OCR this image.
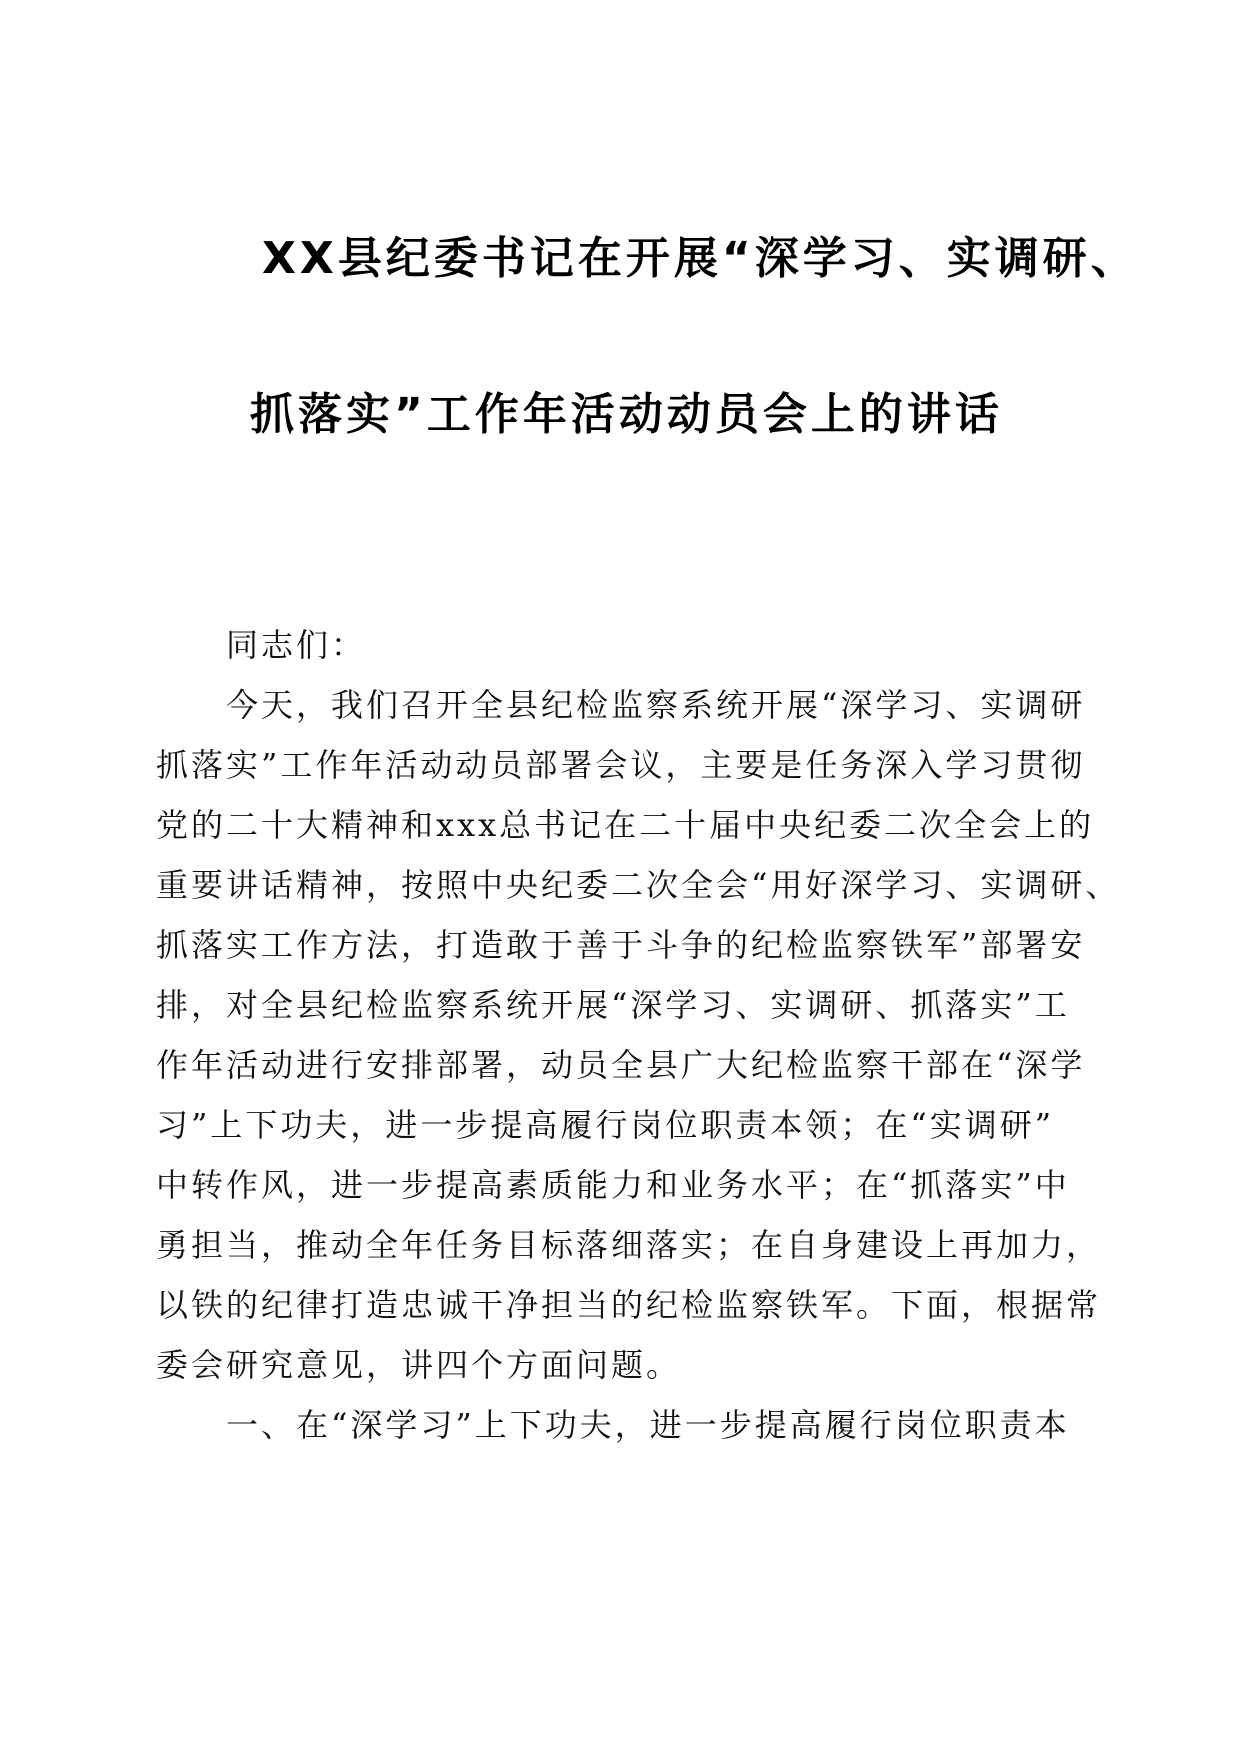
XX县纪委书记在开展“深学习、实调研、
抓落实”工作年活动动员会上的讲话
　　同志们：
　　今天，我们召开全县纪检监察系统开展“深学习、实调研
抓落实”工作年活动动员部署会议，主要是任务深入学习贯彻
党的二十大精神和xxx总书记在二十届中央纪委二次全会上的
重要讲话精神，按照中央纪委二次全会“用好深学习、实调研、
抓落实工作方法，打造敢于善于斗争的纪检监察铁军”部署安
排，对全县纪检监察系统开展“深学习、实调研、抓落实”工
作年活动进行安排部署，动员全县广大纪检监察干部在“深学
习”上下功夫，进一步提高履行岗位职责本领；在“实调研”
中转作风，进一步提高素质能力和业务水平；在“抓落实”中
勇担当，推动全年任务目标落细落实；在自身建设上再加力，
以铁的纪律打造忠诚干净担当的纪检监察铁军。下面，根据常
委会研究意见，讲四个方面问题。
　　一、在“深学习”上下功夫，进一步提高履行岗位职责本
